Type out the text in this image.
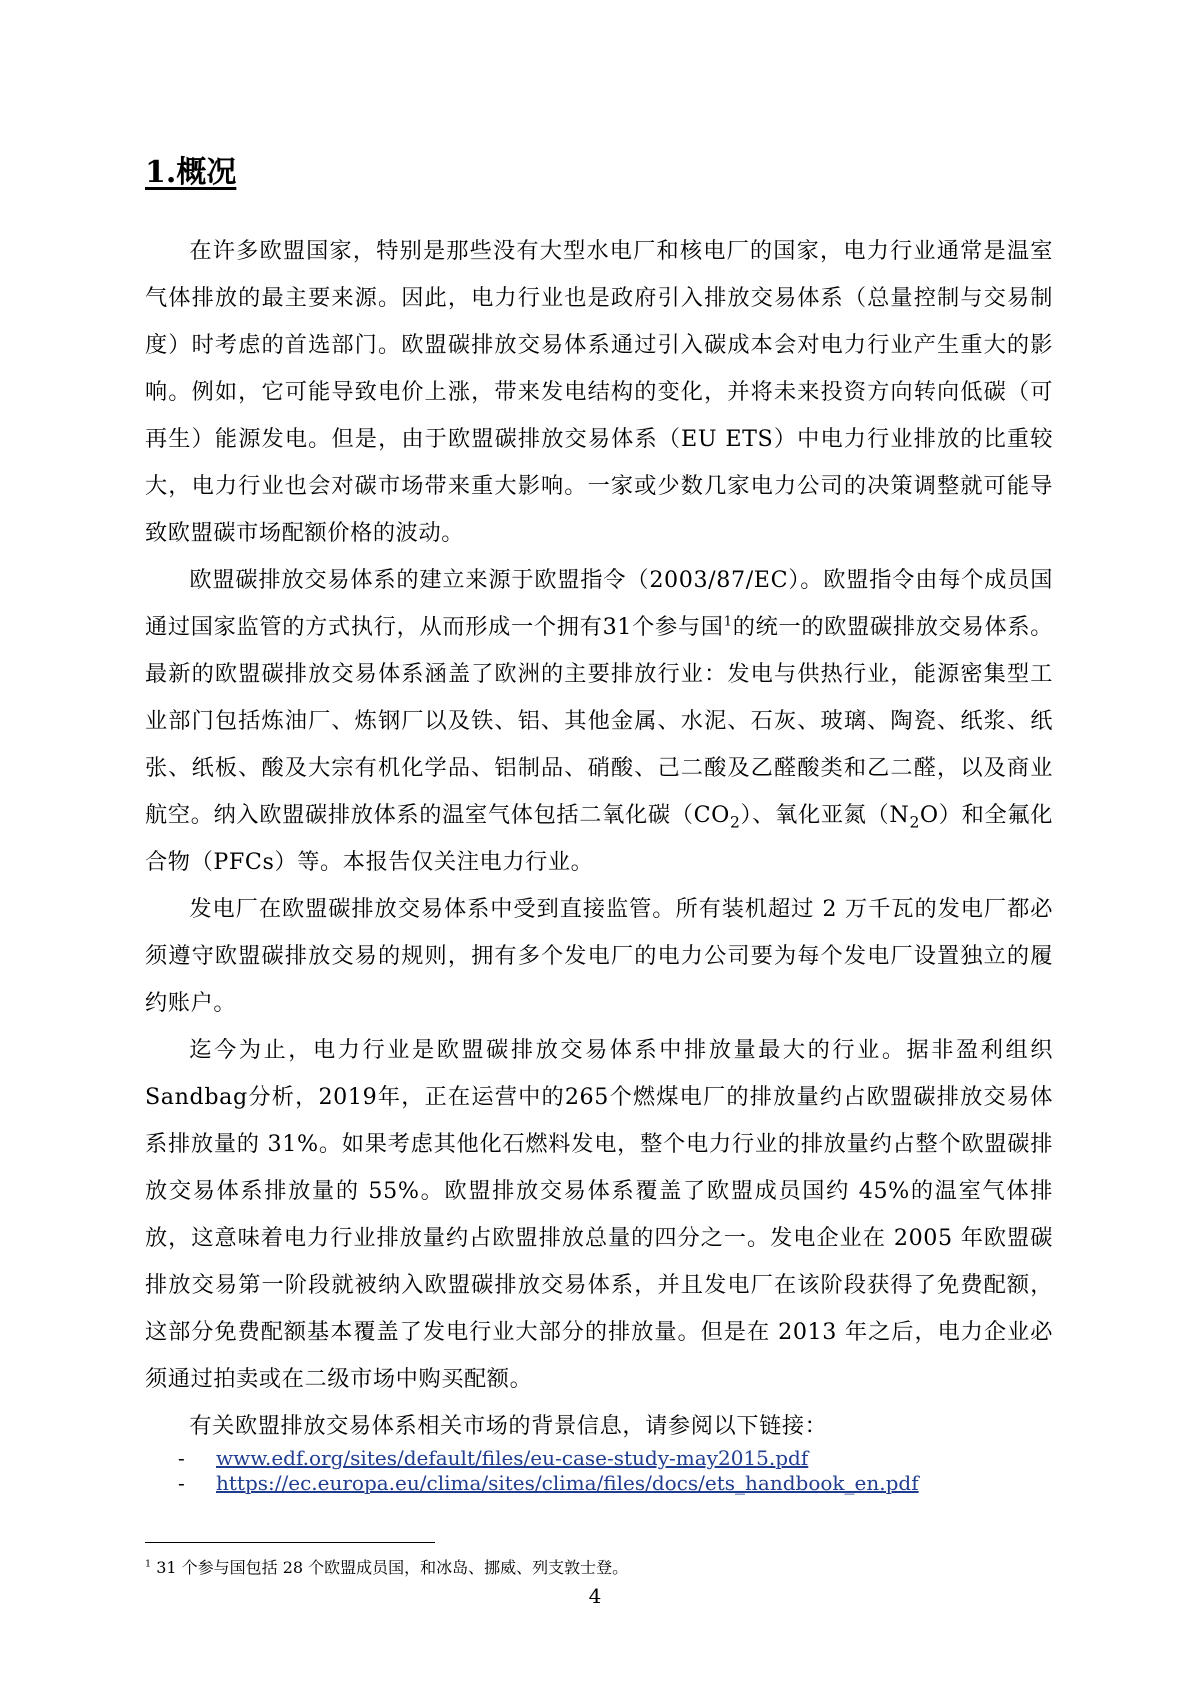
1.概况

在许多欧盟国家，特别是那些没有大型水电厂和核电厂的国家，电力行业通常是温室气体排放的最主要来源。因此，电力行业也是政府引入排放交易体系（总量控制与交易制度）时考虑的首选部门。欧盟碳排放交易体系通过引入碳成本会对电力行业产生重大的影响。例如，它可能导致电价上涨，带来发电结构的变化，并将未来投资方向转向低碳（可再生）能源发电。但是，由于欧盟碳排放交易体系（EU ETS）中电力行业排放的比重较大，电力行业也会对碳市场带来重大影响。一家或少数几家电力公司的决策调整就可能导致欧盟碳市场配额价格的波动。

欧盟碳排放交易体系的建立来源于欧盟指令（2003/87/EC）。欧盟指令由每个成员国通过国家监管的方式执行，从而形成一个拥有31个参与国$^1$的统一的欧盟碳排放交易体系。最新的欧盟碳排放交易体系涵盖了欧洲的主要排放行业：发电与供热行业，能源密集型工业部门包括炼油厂、炼钢厂以及铁、铝、其他金属、水泥、石灰、玻璃、陶瓷、纸浆、纸张、纸板、酸及大宗有机化学品、铝制品、硝酸、己二酸及乙醛酸类和乙二醛，以及商业航空。纳入欧盟碳排放体系的温室气体包括二氧化碳$(CO_2)$、氧化亚氮$(N_2O)$和全氟化合物（PFCs）等。本报告仅关注电力行业。

发电厂在欧盟碳排放交易体系中受到直接监管。所有装机超过 2 万千瓦的发电厂都必须遵守欧盟碳排放交易的规则，拥有多个发电厂的电力公司要为每个发电厂设置独立的履约账户。

迄今为止，电力行业是欧盟碳排放交易体系中排放量最大的行业。据非盈利组织Sandbag分析，2019年，正在运营中的265个燃煤电厂的排放量约占欧盟碳排放交易体系排放量的 31%。如果考虑其他化石燃料发电，整个电力行业的排放量约占整个欧盟碳排放交易体系排放量的 55%。欧盟排放交易体系覆盖了欧盟成员国约 45%的温室气体排放，这意味着电力行业排放量约占欧盟排放总量的四分之一。发电企业在 2005 年欧盟碳排放交易第一阶段就被纳入欧盟碳排放交易体系，并且发电厂在该阶段获得了免费配额，这部分免费配额基本覆盖了发电行业大部分的排放量。但是在 2013 年之后，电力企业必须通过拍卖或在二级市场中购买配额。

有关欧盟排放交易体系相关市场的背景信息，请参阅以下链接：

- www.edf.org/sites/default/files/eu-case-study-may2015.pdf
- https://ec.europa.eu/clima/sites/clima/files/docs/ets_handbook_en.pdf
$^1$ 31 个参与国包括 28 个欧盟成员国，和冰岛、挪威、列支敦士登。
4
